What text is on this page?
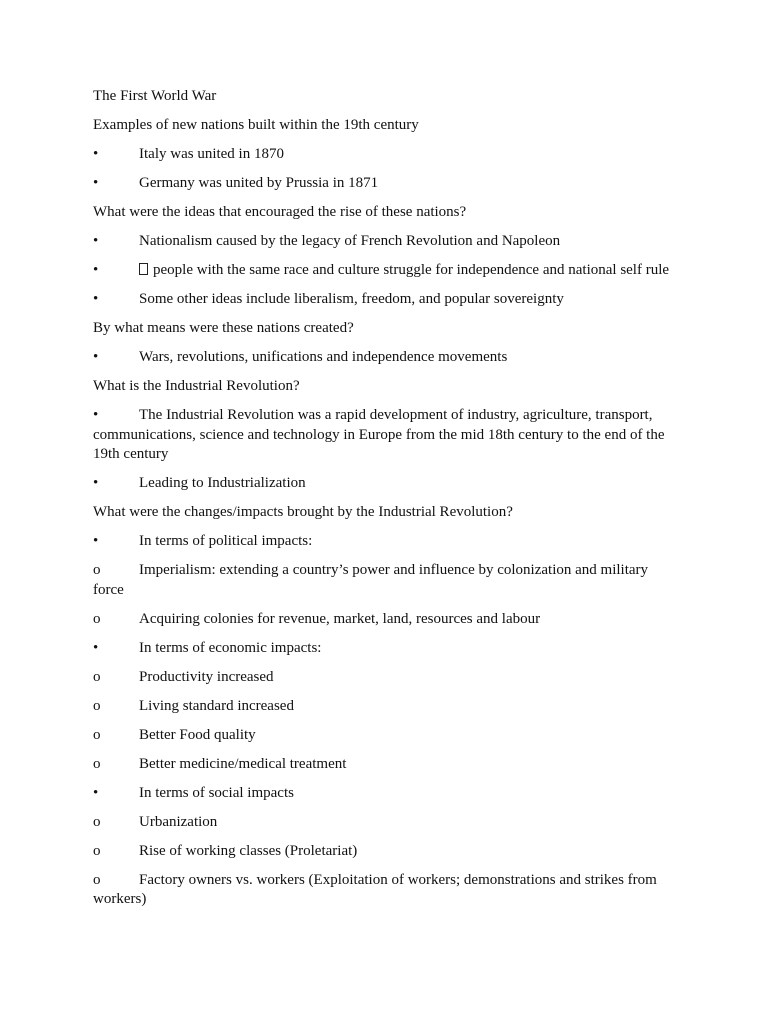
The First World War

Examples of new nations built within the 19th century

•	Italy was united in 1870

•	Germany was united by Prussia in 1871

What were the ideas that encouraged the rise of these nations?

•	Nationalism caused by the legacy of French Revolution and Napoleon

•	people with the same race and culture struggle for independence and national self rule

•	Some other ideas include liberalism, freedom, and popular sovereignty

By what means were these nations created?

•	Wars, revolutions, unifications and independence movements

What is the Industrial Revolution?

•	The Industrial Revolution was a rapid development of industry, agriculture, transport, communications, science and technology in Europe from the mid 18th century to the end of the 19th century

•	Leading to Industrialization

What were the changes/impacts brought by the Industrial Revolution?

•	In terms of political impacts:

o	Imperialism: extending a country’s power and influence by colonization and military force

o	Acquiring colonies for revenue, market, land, resources and labour

•	In terms of economic impacts:

o	Productivity increased

o	Living standard increased

o	Better Food quality

o	Better medicine/medical treatment

•	In terms of social impacts

o	Urbanization

o	Rise of working classes (Proletariat)

o	Factory owners vs. workers (Exploitation of workers; demonstrations and strikes from workers)
